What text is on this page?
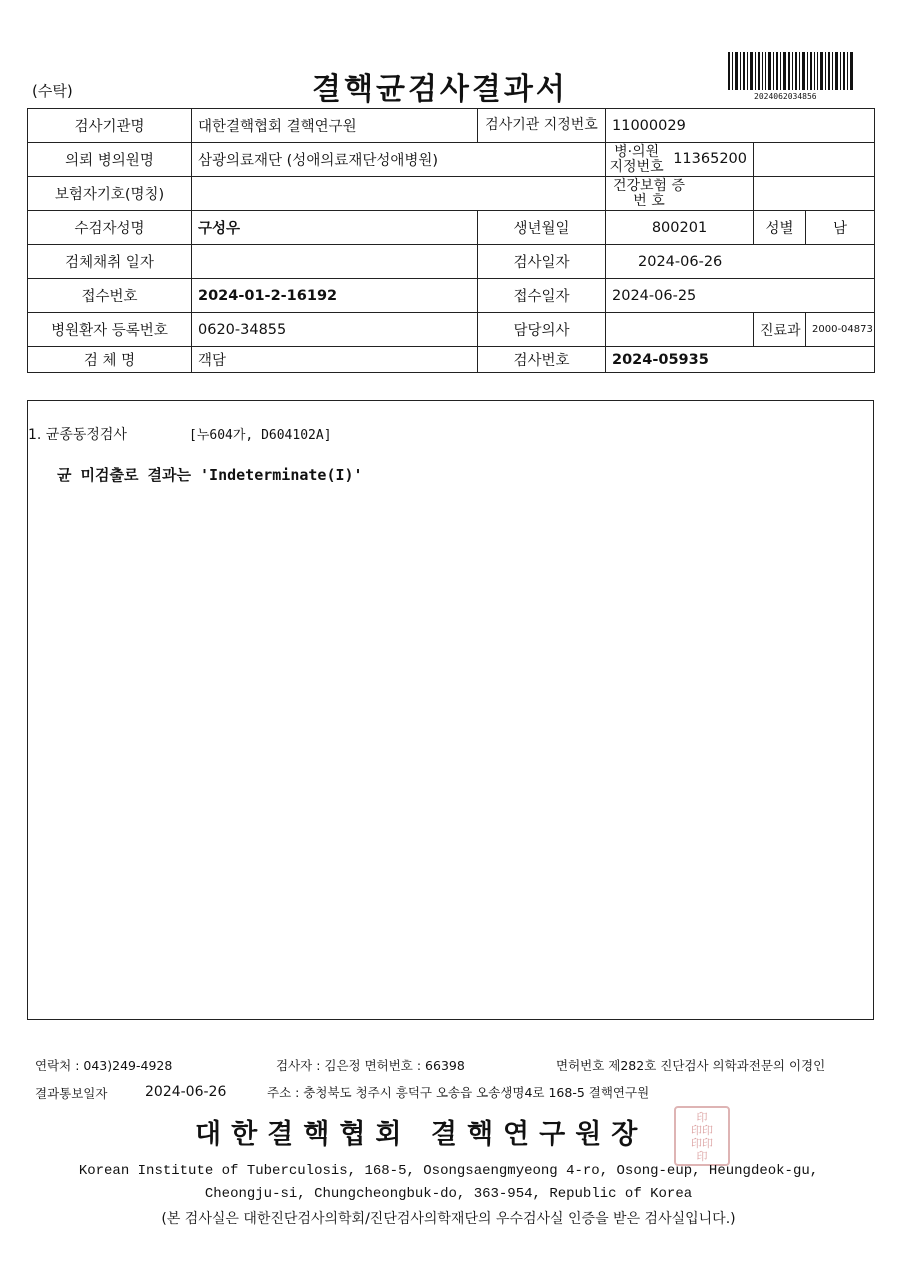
(수탁)	결핵균검사결과서	2024062034856
검사기관명	대한결핵협회 결핵연구원	검사기관 지정번호	11000029		
의뢰 병의원명	삼광의료재단 (성애의료재단성애병원)		병·의원 지정번호 11365200		

보험자기호(명칭)			건강보험 증 번 호		
수검자성명	구성우	생년월일	800201	성별	남
검체채취 일자		검사일자	2024-06-26		
접수번호	2024-01-2-16192	접수일자	2024-06-25		
병원환자 등록번호	0620-34855	담당의사		진료과	2000-04873
검 체 명	객담	검사번호	2024-05935		
1. 균종동정검사	[누604가, D604102A]
균 미검출로 결과는 'Indeterminate(I)'
연락처 : 043)249-4928	검사자 : 김은정 면허번호 : 66398	면허번호 제282호 진단검사 의학과전문의 이경인
결과통보일자	2024-06-26	주소 : 충청북도 청주시 흥덕구 오송읍 오송생명4로 168-5 결핵연구원
대한결핵협회 결핵연구원장
印
印印
印印
印
Korean Institute of Tuberculosis, 168-5, Osongsaengmyeong 4-ro, Osong-eup, Heungdeok-gu,
Cheongju-si, Chungcheongbuk-do, 363-954, Republic of Korea
(본 검사실은 대한진단검사의학회/진단검사의학재단의 우수검사실 인증을 받은 검사실입니다.)
